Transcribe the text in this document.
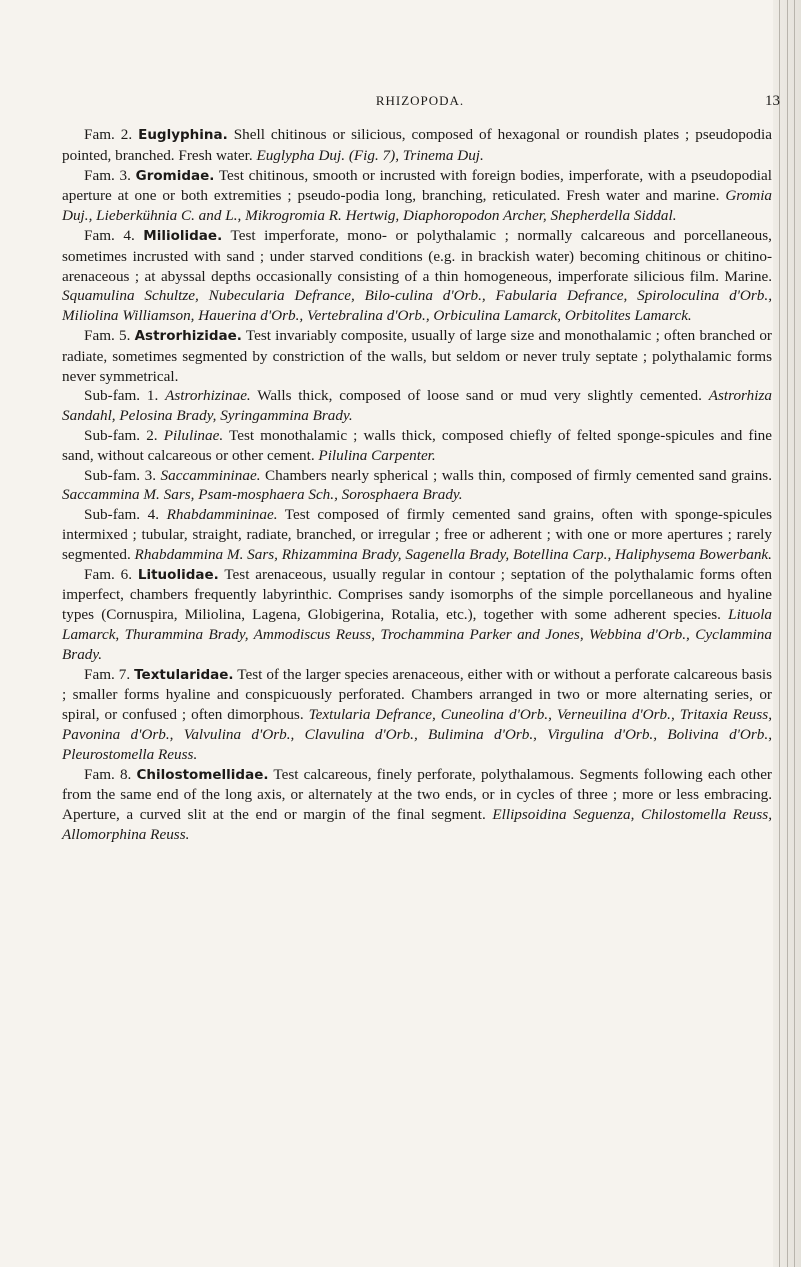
RHIZOPODA.	13

Fam. 2. Euglyphina. Shell chitinous or silicious, composed of hexagonal or roundish plates ; pseudopodia pointed, branched. Fresh water. Euglypha Duj. (Fig. 7), Trinema Duj.

Fam. 3. Gromidae. Test chitinous, smooth or incrusted with foreign bodies, imperforate, with a pseudopodial aperture at one or both extremities ; pseudo-podia long, branching, reticulated. Fresh water and marine. Gromia Duj., Lieberkühnia C. and L., Mikrogromia R. Hertwig, Diaphoropodon Archer, Shepherdella Siddal.

Fam. 4. Miliolidae. Test imperforate, mono- or polythalamic ; normally calcareous and porcellaneous, sometimes incrusted with sand ; under starved conditions (e.g. in brackish water) becoming chitinous or chitino-arenaceous ; at abyssal depths occasionally consisting of a thin homogeneous, imperforate silicious film. Marine. Squamulina Schultze, Nubecularia Defrance, Bilo-culina d'Orb., Fabularia Defrance, Spiroloculina d'Orb., Miliolina Williamson, Hauerina d'Orb., Vertebralina d'Orb., Orbiculina Lamarck, Orbitolites Lamarck.

Fam. 5. Astrorhizidae. Test invariably composite, usually of large size and monothalamic ; often branched or radiate, sometimes segmented by constriction of the walls, but seldom or never truly septate ; polythalamic forms never symmetrical.

Sub-fam. 1. Astrorhizinae. Walls thick, composed of loose sand or mud very slightly cemented. Astrorhiza Sandahl, Pelosina Brady, Syringammina Brady.

Sub-fam. 2. Pilulinae. Test monothalamic ; walls thick, composed chiefly of felted sponge-spicules and fine sand, without calcareous or other cement. Pilulina Carpenter.

Sub-fam. 3. Saccammininae. Chambers nearly spherical ; walls thin, composed of firmly cemented sand grains. Saccammina M. Sars, Psam-mosphaera Sch., Sorosphaera Brady.

Sub-fam. 4. Rhabdammininae. Test composed of firmly cemented sand grains, often with sponge-spicules intermixed ; tubular, straight, radiate, branched, or irregular ; free or adherent ; with one or more apertures ; rarely segmented. Rhabdammina M. Sars, Rhizammina Brady, Sagenella Brady, Botellina Carp., Haliphysema Bowerbank.

Fam. 6. Lituolidae. Test arenaceous, usually regular in contour ; septation of the polythalamic forms often imperfect, chambers frequently labyrinthic. Comprises sandy isomorphs of the simple porcellaneous and hyaline types (Cornuspira, Miliolina, Lagena, Globigerina, Rotalia, etc.), together with some adherent species. Lituola Lamarck, Thurammina Brady, Ammodiscus Reuss, Trochammina Parker and Jones, Webbina d'Orb., Cyclammina Brady.

Fam. 7. Textularidae. Test of the larger species arenaceous, either with or without a perforate calcareous basis ; smaller forms hyaline and conspicuously perforated. Chambers arranged in two or more alternating series, or spiral, or confused ; often dimorphous. Textularia Defrance, Cuneolina d'Orb., Verneuilina d'Orb., Tritaxia Reuss, Pavonina d'Orb., Valvulina d'Orb., Clavulina d'Orb., Bulimina d'Orb., Virgulina d'Orb., Bolivina d'Orb., Pleurostomella Reuss.

Fam. 8. Chilostomellidae. Test calcareous, finely perforate, polythalamous. Segments following each other from the same end of the long axis, or alternately at the two ends, or in cycles of three ; more or less embracing. Aperture, a curved slit at the end or margin of the final segment. Ellipsoidina Seguenza, Chilostomella Reuss, Allomorphina Reuss.
